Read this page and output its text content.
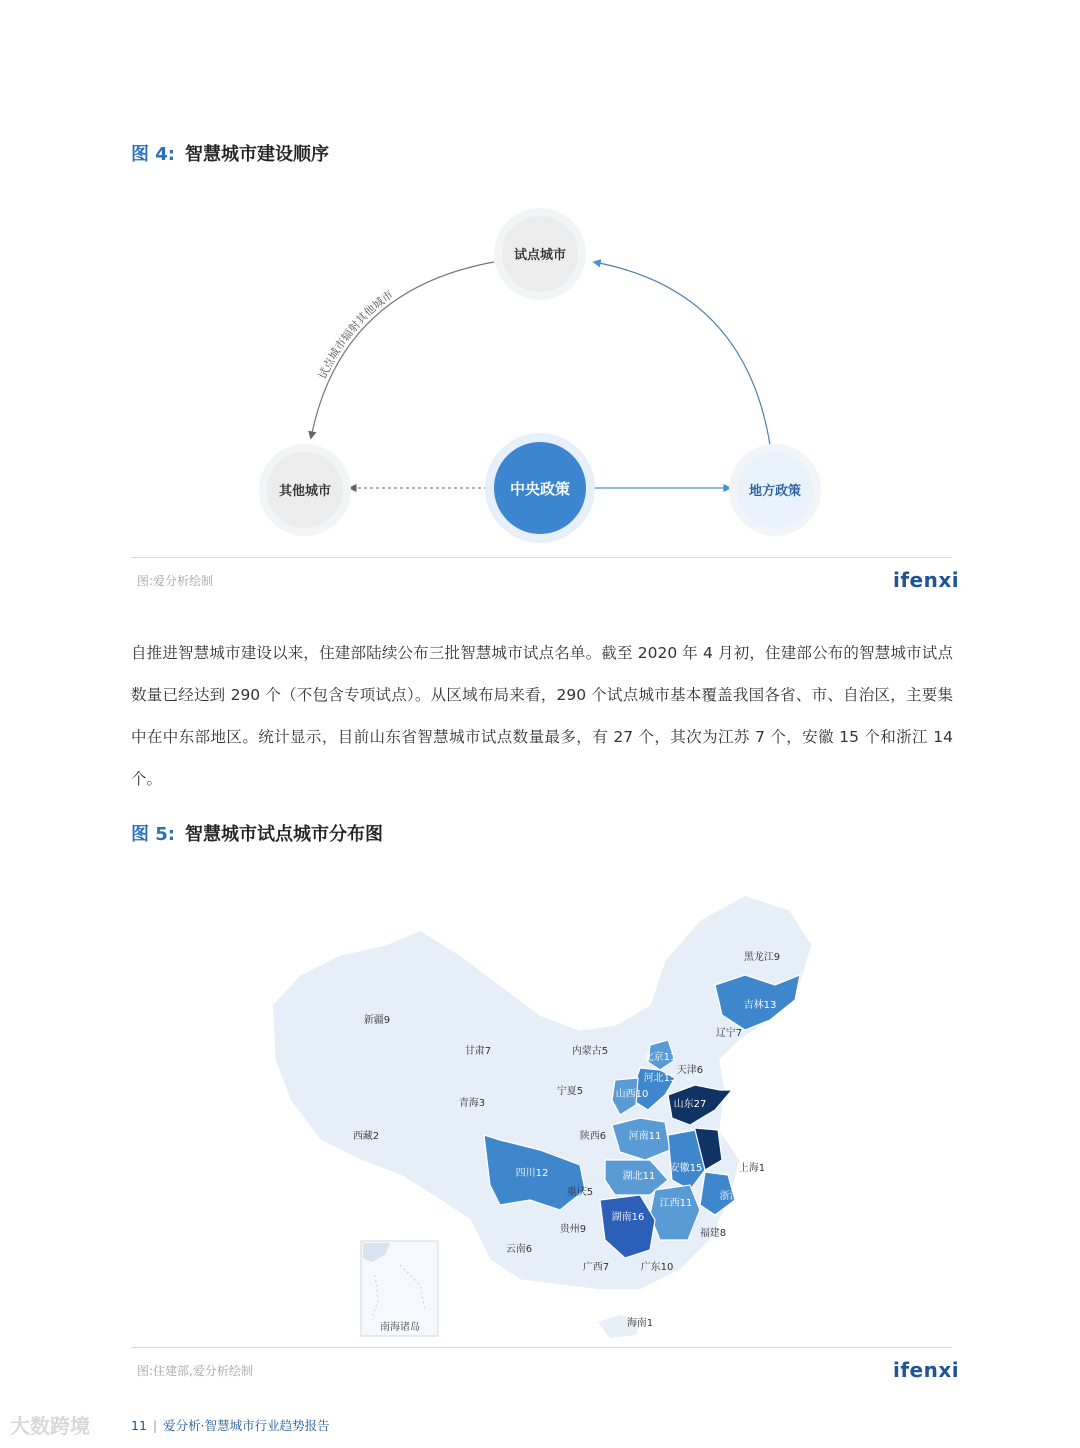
图 4: 智慧城市建设顺序
试点城市辐射其他城市
试点城市
其他城市	中央政策	地方政策
图:爱分析绘制	ifenxi
自推进智慧城市建设以来，住建部陆续公布三批智慧城市试点名单。截至 2020 年 4 月初，住建部公布的智慧城市试点数量已经达到 290 个（不包含专项试点）。从区域布局来看，290 个试点城市基本覆盖我国各省、市、自治区，主要集中在中东部地区。统计显示，目前山东省智慧城市试点数量最多，有 27 个，其次为江苏 7 个，安徽 15 个和浙江 14 个。
图 5: 智慧城市试点城市分布图
南海诸岛
黑龙江9
吉林13
辽宁7
新疆9
内蒙古5
甘肃7
北京11
天津6
河北15
宁夏5	山西10
青海3	山东27
西藏2	陕西6 河南11	江苏20
四川12	安徽15	上海1
湖北11
重庆5	浙江14
江西11
贵州9
湖南16
福建8
云南6
广西7	广东10
海南1
图:住建部,爱分析绘制	ifenxi
大数跨境	11 | 爱分析·智慧城市行业趋势报告
